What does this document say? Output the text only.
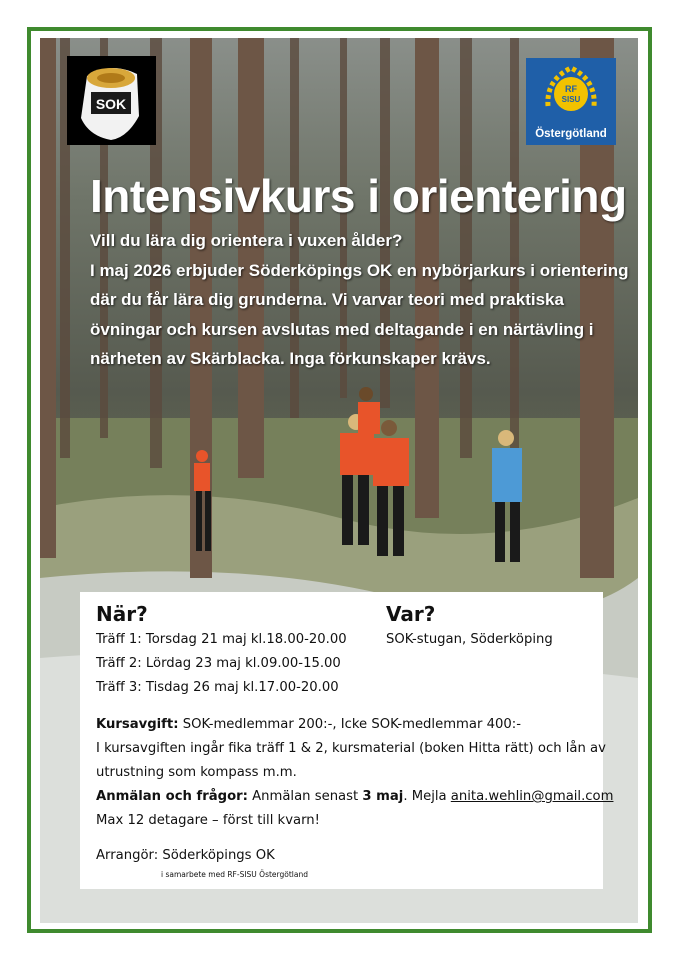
SOK
RF
SISU
Östergötland
Intensivkurs i orientering

Vill du lära dig orientera i vuxen ålder?

I maj 2026 erbjuder Söderköpings OK en nybörjarkurs i orientering där du får lära dig grunderna. Vi varvar teori med praktiska övningar och kursen avslutas med deltagande i en närtävling i närheten av Skärblacka. Inga förkunskaper krävs.

När?
Träff 1: Torsdag 21 maj kl.18.00-20.00
Träff 2: Lördag 23 maj kl.09.00-15.00
Träff 3: Tisdag 26 maj kl.17.00-20.00
Var?
SOK-stugan, Söderköping
Kursavgift: SOK-medlemmar 200:-, Icke SOK-medlemmar 400:-
I kursavgiften ingår fika träff 1 & 2, kursmaterial (boken Hitta rätt) och lån av
utrustning som kompass m.m.
Anmälan och frågor: Anmälan senast 3 maj. Mejla anita.wehlin@gmail.com
Max 12 detagare – först till kvarn!
Arrangör: Söderköpings OK
i samarbete med RF-SISU Östergötland
